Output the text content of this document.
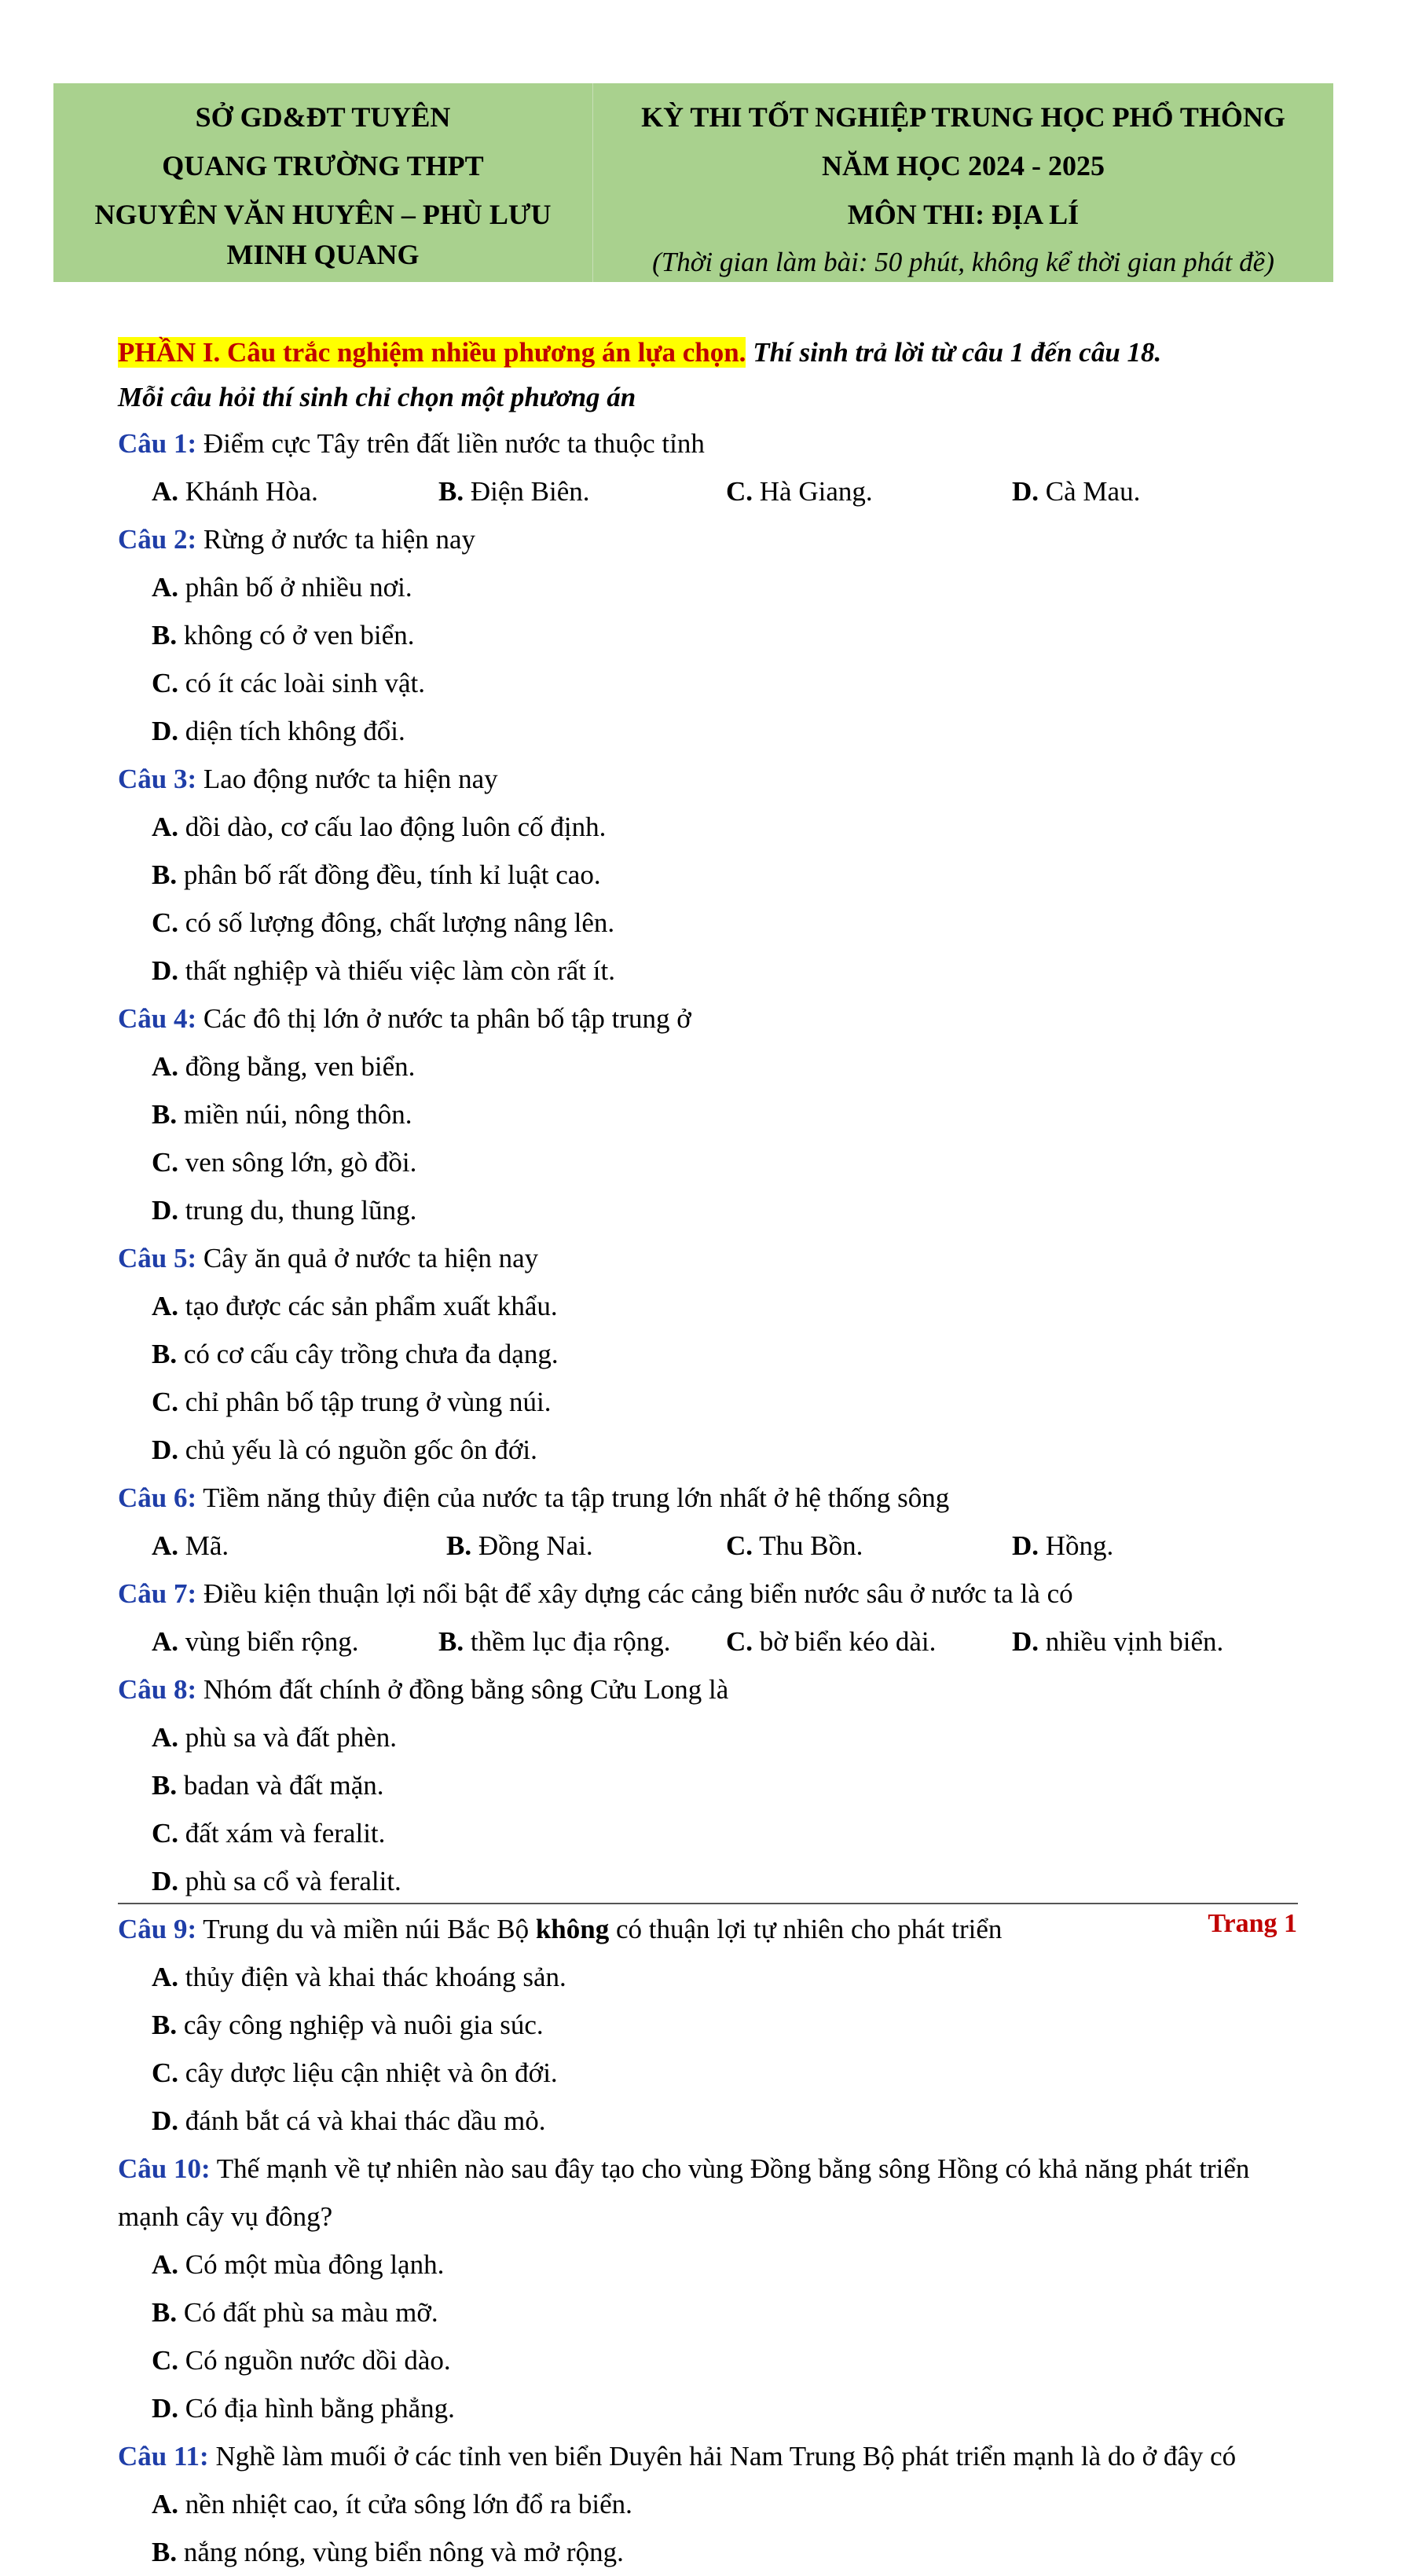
SỞ GD&ĐT TUYÊN
QUANG TRƯỜNG THPT
NGUYÊN VĂN HUYÊN – PHÙ LƯU
MINH QUANG
KỲ THI TỐT NGHIỆP TRUNG HỌC PHỔ THÔNG
NĂM HỌC 2024 - 2025
MÔN THI: ĐỊA LÍ
(Thời gian làm bài: 50 phút, không kể thời gian phát đề)
PHẦN I. Câu trắc nghiệm nhiều phương án lựa chọn. Thí sinh trả lời từ câu 1 đến câu 18.
Mỗi câu hỏi thí sinh chỉ chọn một phương án
Câu 1: Điểm cực Tây trên đất liền nước ta thuộc tỉnh
A. Khánh Hòa.	B. Điện Biên.	C. Hà Giang.	D. Cà Mau.
Câu 2: Rừng ở nước ta hiện nay
A. phân bố ở nhiều nơi.
B. không có ở ven biển.
C. có ít các loài sinh vật.
D. diện tích không đổi.
Câu 3: Lao động nước ta hiện nay
A. dồi dào, cơ cấu lao động luôn cố định.
B. phân bố rất đồng đều, tính kỉ luật cao.
C. có số lượng đông, chất lượng nâng lên.
D. thất nghiệp và thiếu việc làm còn rất ít.
Câu 4: Các đô thị lớn ở nước ta phân bố tập trung ở
A. đồng bằng, ven biển.
B. miền núi, nông thôn.
C. ven sông lớn, gò đồi.
D. trung du, thung lũng.
Câu 5: Cây ăn quả ở nước ta hiện nay
A. tạo được các sản phẩm xuất khẩu.
B. có cơ cấu cây trồng chưa đa dạng.
C. chỉ phân bố tập trung ở vùng núi.
D. chủ yếu là có nguồn gốc ôn đới.
Câu 6: Tiềm năng thủy điện của nước ta tập trung lớn nhất ở hệ thống sông
A. Mã.	B. Đồng Nai.	C. Thu Bồn.	D. Hồng.
Câu 7: Điều kiện thuận lợi nổi bật để xây dựng các cảng biển nước sâu ở nước ta là có
A. vùng biển rộng.	B. thềm lục địa rộng.	C. bờ biển kéo dài.	D. nhiều vịnh biển.
Câu 8: Nhóm đất chính ở đồng bằng sông Cửu Long là
A. phù sa và đất phèn.
B. badan và đất mặn.
C. đất xám và feralit.
D. phù sa cổ và feralit.
Câu 9: Trung du và miền núi Bắc Bộ không có thuận lợi tự nhiên cho phát triển
A. thủy điện và khai thác khoáng sản.
B. cây công nghiệp và nuôi gia súc.
C. cây dược liệu cận nhiệt và ôn đới.
D. đánh bắt cá và khai thác dầu mỏ.
Câu 10: Thế mạnh về tự nhiên nào sau đây tạo cho vùng Đồng bằng sông Hồng có khả năng phát triển mạnh cây vụ đông?
A. Có một mùa đông lạnh.
B. Có đất phù sa màu mỡ.
C. Có nguồn nước dồi dào.
D. Có địa hình bằng phẳng.
Câu 11: Nghề làm muối ở các tỉnh ven biển Duyên hải Nam Trung Bộ phát triển mạnh là do ở đây có
A. nền nhiệt cao, ít cửa sông lớn đổ ra biển.
B. nắng nóng, vùng biển nông và mở rộng.
Trang 1
